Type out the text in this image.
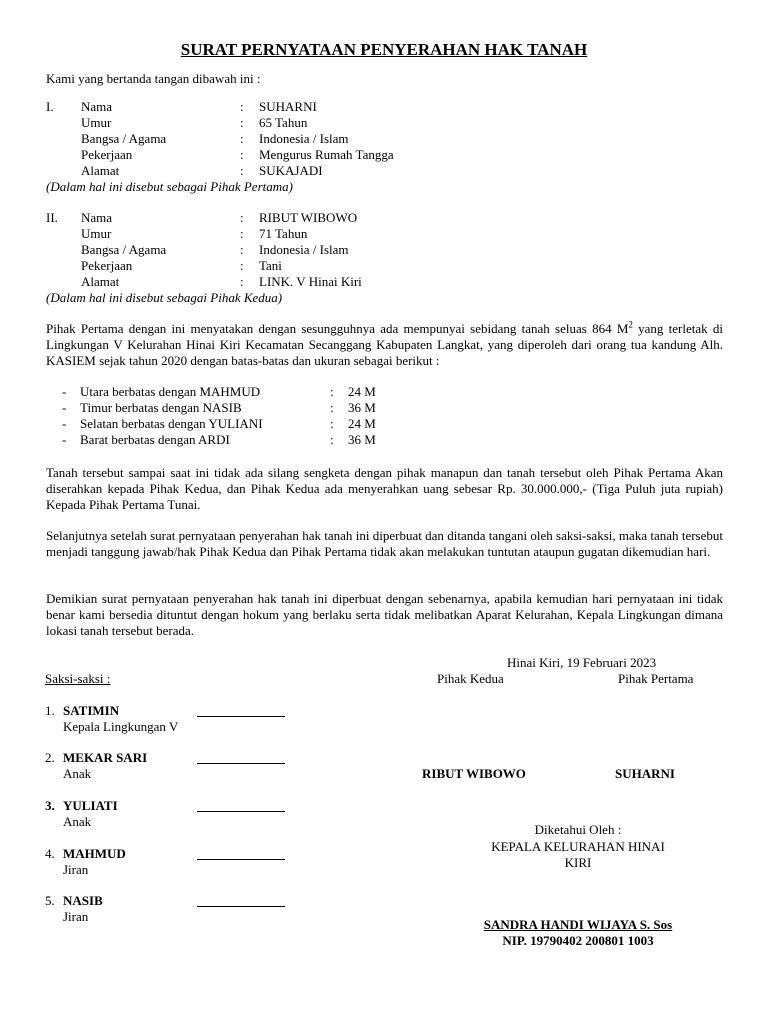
SURAT PERNYATAAN PENYERAHAN HAK TANAH
Kami yang bertanda tangan dibawah ini :
I. Nama	: SUHARNI
Umur	: 65 Tahun
Bangsa / Agama	: Indonesia / Islam
Pekerjaan	: Mengurus Rumah Tangga
Alamat	: SUKAJADI
(Dalam hal ini disebut sebagai Pihak Pertama)
II. Nama	: RIBUT WIBOWO
Umur	: 71 Tahun
Bangsa / Agama	: Indonesia / Islam
Pekerjaan	: Tani
Alamat	: LINK. V Hinai Kiri
(Dalam hal ini disebut sebagai Pihak Kedua)

Pihak Pertama dengan ini menyatakan dengan sesungguhnya ada mempunyai sebidang tanah seluas 864 $M^2$ yang terletak di Lingkungan V Kelurahan Hinai Kiri Kecamatan Secanggang Kabupaten Langkat, yang diperoleh dari orang tua kandung Alh. KASIEM sejak tahun 2020 dengan batas-batas dan ukuran sebagai berikut :

- Utara berbatas dengan MAHMUD	: 24 M
- Timur berbatas dengan NASIB	: 36 M
- Selatan berbatas dengan YULIANI	: 24 M
- Barat berbatas dengan ARDI	: 36 M

Tanah tersebut sampai saat ini tidak ada silang sengketa dengan pihak manapun dan tanah tersebut oleh Pihak Pertama Akan diserahkan kepada Pihak Kedua, dan Pihak Kedua ada menyerahkan uang sebesar Rp. 30.000.000,- (Tiga Puluh juta rupiah) Kepada Pihak Pertama Tunai.

Selanjutnya setelah surat pernyataan penyerahan hak tanah ini diperbuat dan ditanda tangani oleh saksi-saksi, maka tanah tersebut menjadi tanggung jawab/hak Pihak Kedua dan Pihak Pertama tidak akan melakukan tuntutan ataupun gugatan dikemudian hari.

Demikian surat pernyataan penyerahan hak tanah ini diperbuat dengan sebenarnya, apabila kemudian hari pernyataan ini tidak benar kami bersedia dituntut dengan hokum yang berlaku serta tidak melibatkan Aparat Kelurahan, Kepala Lingkungan dimana lokasi tanah tersebut berada.

Hinai Kiri, 19 Februari 2023
Saksi-saksi :	Pihak Kedua	Pihak Pertama
1. SATIMIN
Kepala Lingkungan V
2. MEKAR SARI
Anak
3. YULIATI
Anak
4. MAHMUD
Jiran
5. NASIB
Jiran
RIBUT WIBOWO	SUHARNI
Diketahui Oleh :
KEPALA KELURAHAN HINAI
KIRI
SANDRA HANDI WIJAYA S. Sos
NIP. 19790402 200801 1003
